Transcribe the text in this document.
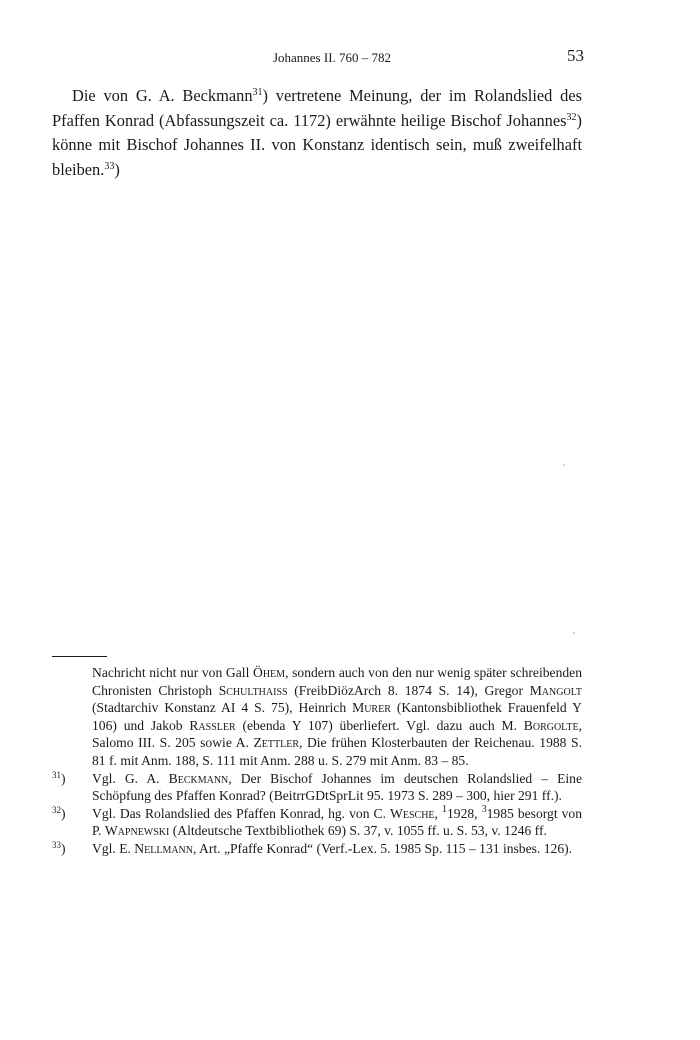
Johannes II. 760 – 782	53

Die von G. A. Beckmann$^{31}$) vertretene Meinung, der im Rolandslied des Pfaffen Konrad (Abfassungszeit ca. 1172) erwähnte heilige Bischof Johannes$^{32}$) könne mit Bischof Johannes II. von Konstanz identisch sein, muß zweifelhaft bleiben.$^{33}$)

Nachricht nicht nur von Gall Öhem, sondern auch von den nur wenig später schreibenden Chronisten Christoph Schulthaiß (FreibDiözArch 8. 1874 S. 14), Gregor Mangolt (Stadtarchiv Konstanz AI 4 S. 75), Heinrich Murer (Kantonsbibliothek Frauenfeld Y 106) und Jakob Raßler (ebenda Y 107) überliefert. Vgl. dazu auch M. Borgolte, Salomo III. S. 205 sowie A. Zettler, Die frühen Klosterbauten der Reichenau. 1988 S. 81 f. mit Anm. 188, S. 111 mit Anm. 288 u. S. 279 mit Anm. 83 – 85.

$^{31}$)	Vgl. G. A. Beckmann, Der Bischof Johannes im deutschen Rolandslied – Eine Schöpfung des Pfaffen Konrad? (BeitrrGDtSprLit 95. 1973 S. 289 – 300, hier 291 ff.).

$^{32}$)	Vgl. Das Rolandslied des Pfaffen Konrad, hg. von C. Wesche, $^1$1928, $^3$1985 besorgt von P. Wapnewski (Altdeutsche Textbibliothek 69) S. 37, v. 1055 ff. u. S. 53, v. 1246 ff.

$^{33}$)	Vgl. E. Nellmann, Art. „Pfaffe Konrad“ (Verf.-Lex. 5. 1985 Sp. 115 – 131 insbes. 126).
